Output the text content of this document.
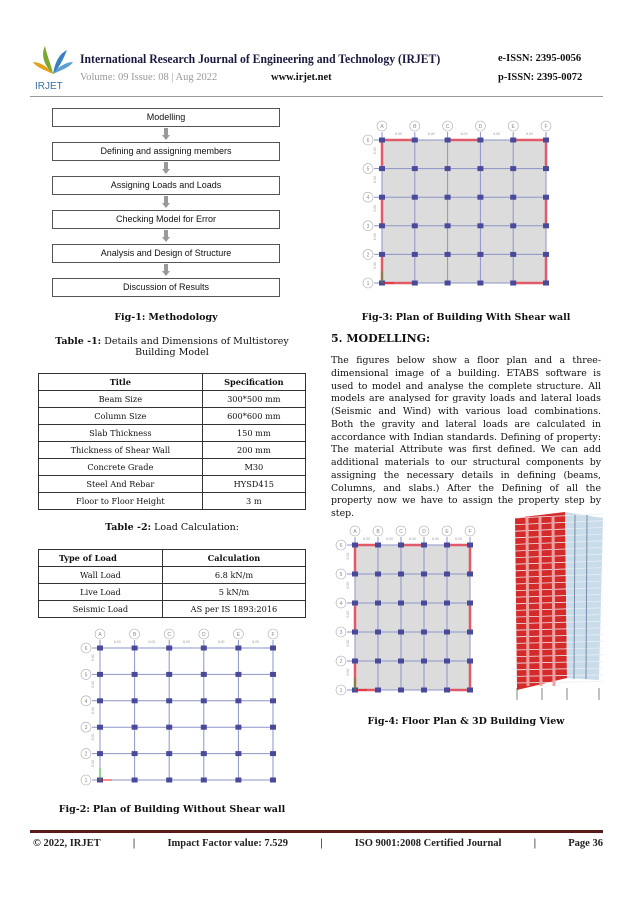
IRJET
International Research Journal of Engineering and Technology (IRJET)	e-ISSN: 2395-0056
Volume: 09 Issue: 08 | Aug 2022	www.irjet.net	p-ISSN: 2395-0072
Modelling
Defining and assigning members
Assigning Loads and Loads
Checking Model for Error
Analysis and Design of Structure
Discussion of Results
Fig-1: Methodology
Table -1: Details and Dimensions of Multistorey Building Model
Title	Specification
Beam Size	300*500 mm
Column Size	600*600 mm
Slab Thickness	150 mm
Thickness of Shear Wall	200 mm
Concrete Grade	M30
Steel And Rebar	HYSD415
Floor to Floor Height	3 m
Table -2: Load Calculation:
Type of Load	Calculation
Wall Load	6.8 kN/m
Live Load	5 kN/m
Seismic Load	AS per IS 1893:2016
A
6.00
B
6.00
C
6.00
D
6.00
E
6.00
F
1
6.00
2
6.00
3
6.00
4
6.00
5
6.00
6
Fig-2: Plan of Building Without Shear wall
A
6.00
B
6.00
C
6.00
D
6.00
E
6.00
F
1
6.00
2
6.00
3
6.00
4
6.00
5
6.00
6
Fig-3: Plan of Building With Shear wall
5. MODELLING:
The figures below show a floor plan and a three-dimensional image of a building. ETABS software is used to model and analyse the complete structure. All models are analysed for gravity loads and lateral loads (Seismic and Wind) with various load combinations. Both the gravity and lateral loads are calculated in accordance with Indian standards. Defining of property: The material Attribute was first defined. We can add additional materials to our structural components by assigning the necessary details in defining (beams, Columns, and slabs.) After the Defining of all the property now we have to assign the property step by step.
A
6.00
B
6.00
C
6.00
D
6.00
E
6.00
F
1
6.00
2
6.00
3
6.00
4
6.00
5
6.00
6
Fig-4: Floor Plan & 3D Building View
© 2022, IRJET	|	Impact Factor value: 7.529	|	ISO 9001:2008 Certified Journal	|	Page 36
